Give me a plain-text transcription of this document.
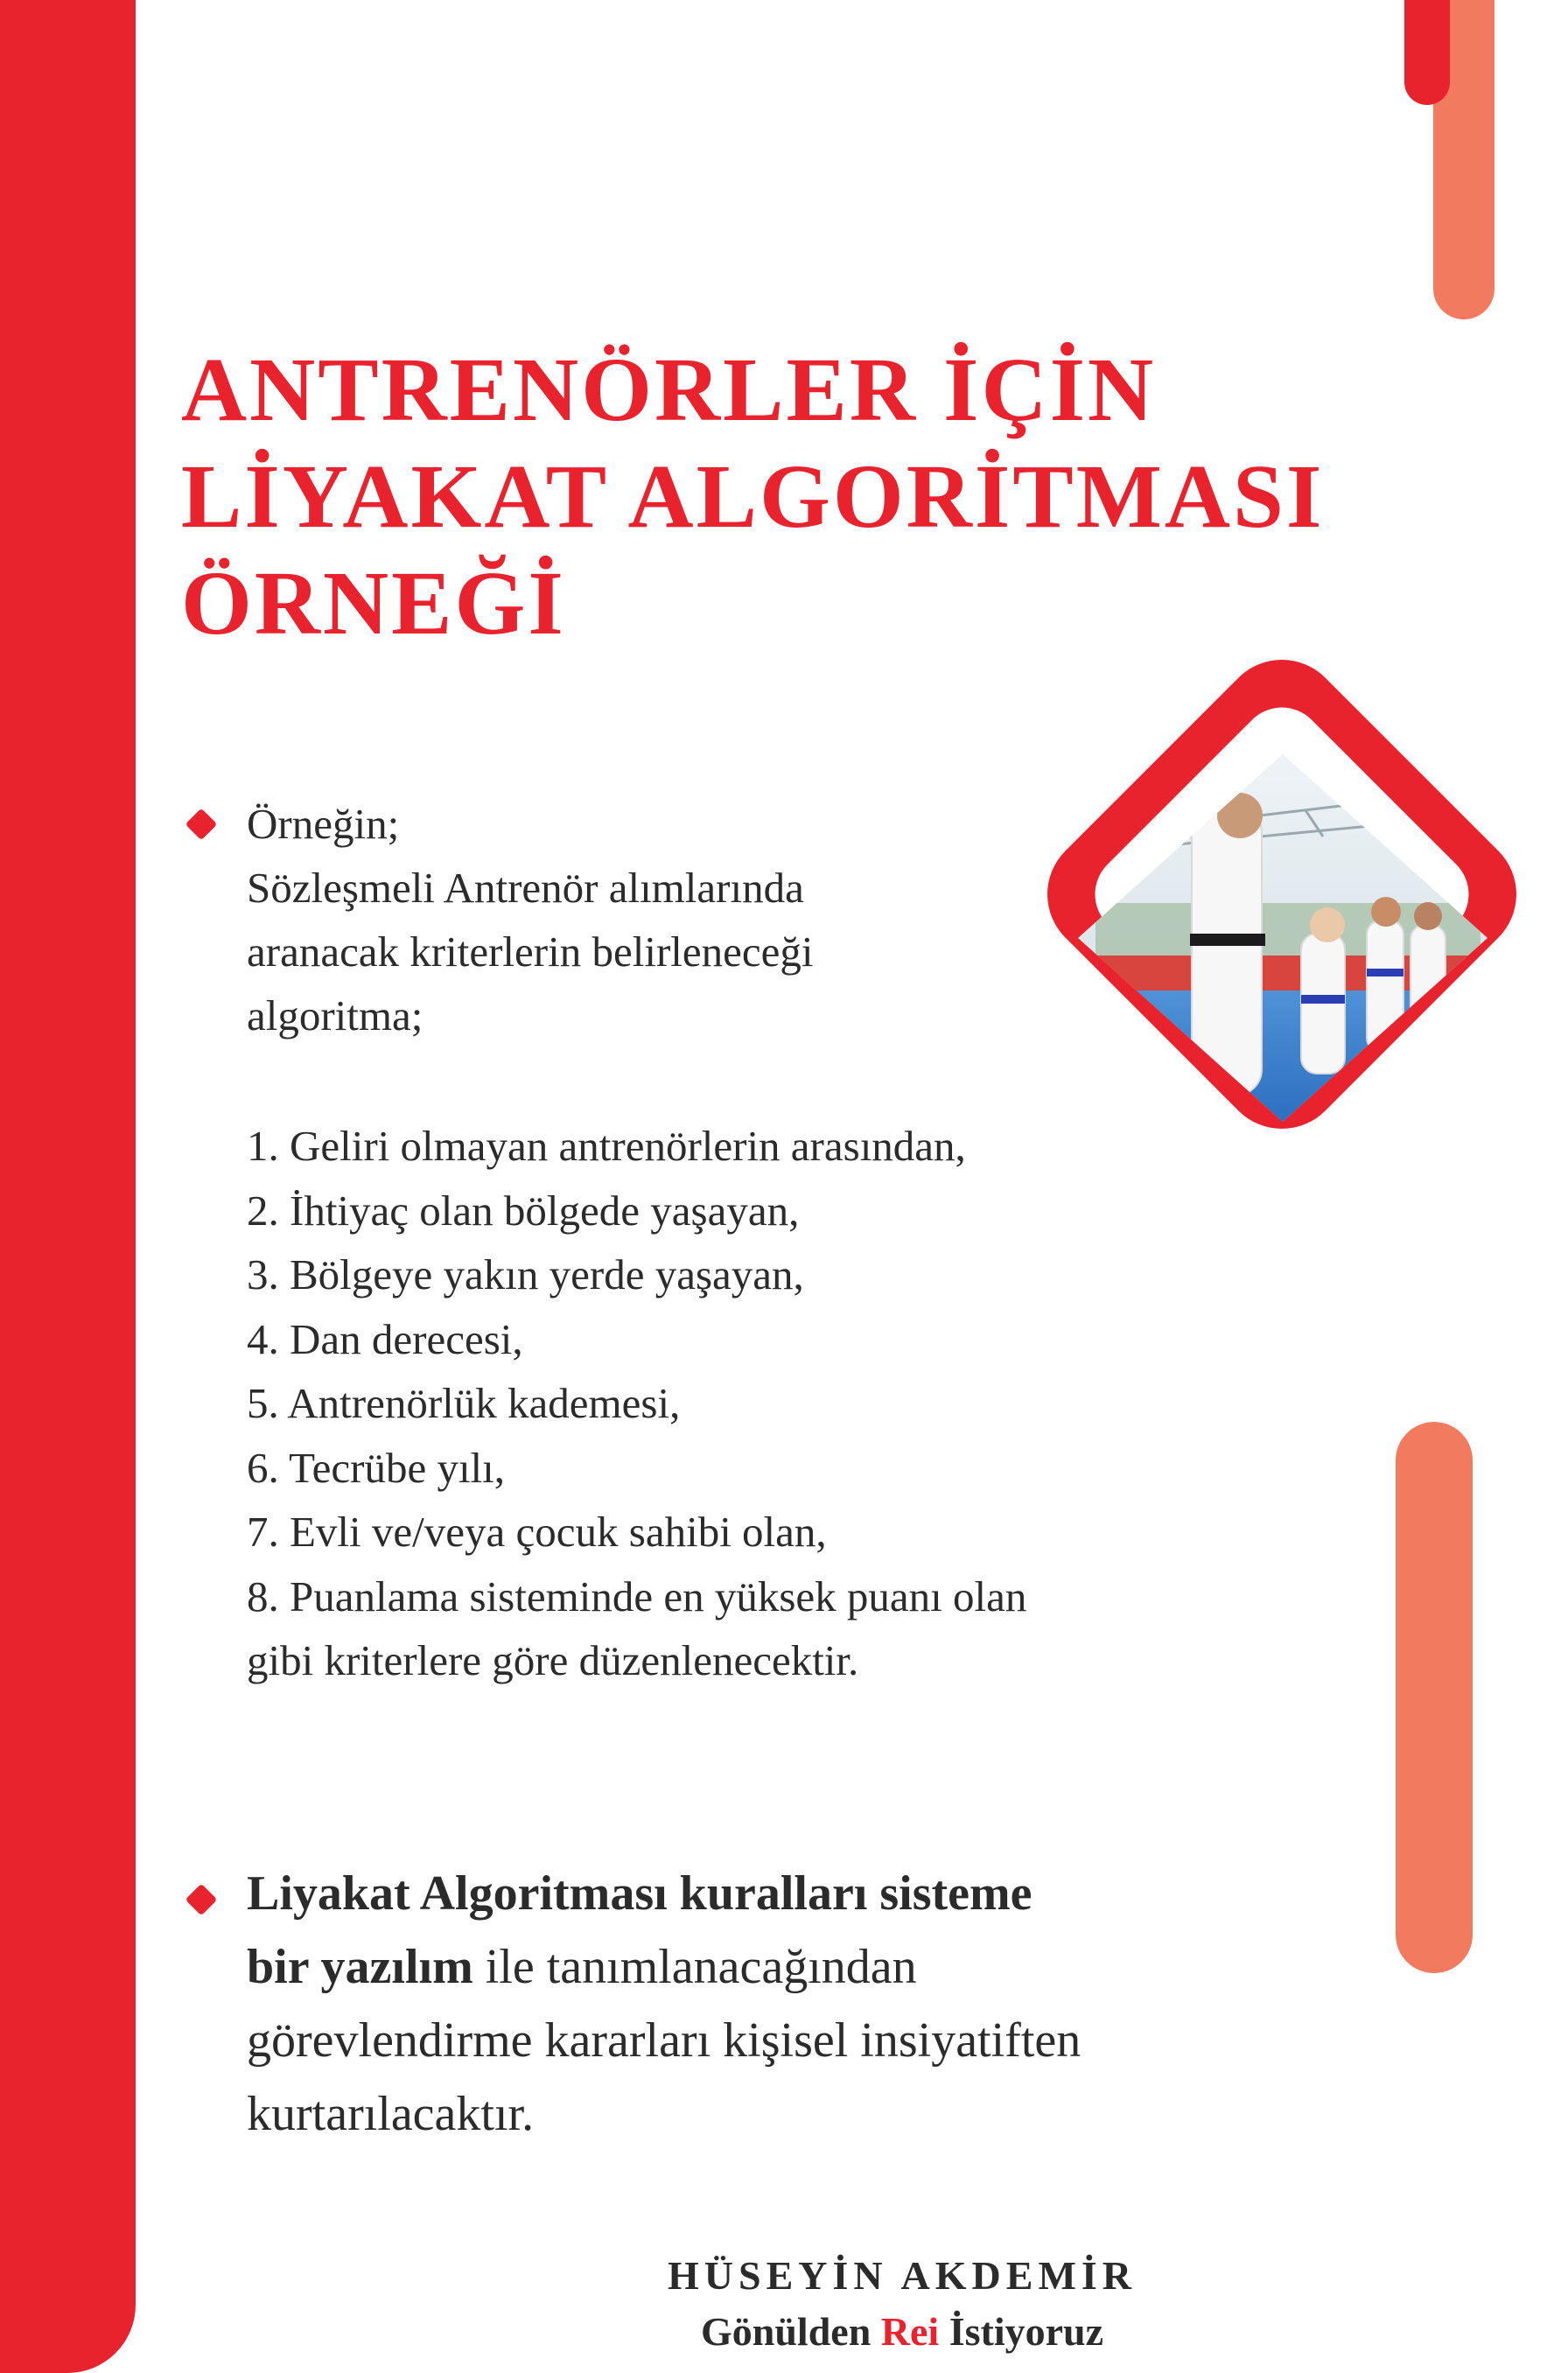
ANTRENÖRLER İÇİN
LİYAKAT ALGORİTMASI
ÖRNEĞİ
Örneğin;
Sözleşmeli Antrenör alımlarında
aranacak kriterlerin belirleneceği
algoritma;
1. Geliri olmayan antrenörlerin arasından,
2. İhtiyaç olan bölgede yaşayan,
3. Bölgeye yakın yerde yaşayan,
4. Dan derecesi,
5. Antrenörlük kademesi,
6. Tecrübe yılı,
7. Evli ve/veya çocuk sahibi olan,
8. Puanlama sisteminde en yüksek puanı olan
gibi kriterlere göre düzenlenecektir.
Liyakat Algoritması kuralları sisteme
bir yazılım ile tanımlanacağından
görevlendirme kararları kişisel insiyatiften
kurtarılacaktır.
HÜSEYİN AKDEMİR
Gönülden Rei İstiyoruz
